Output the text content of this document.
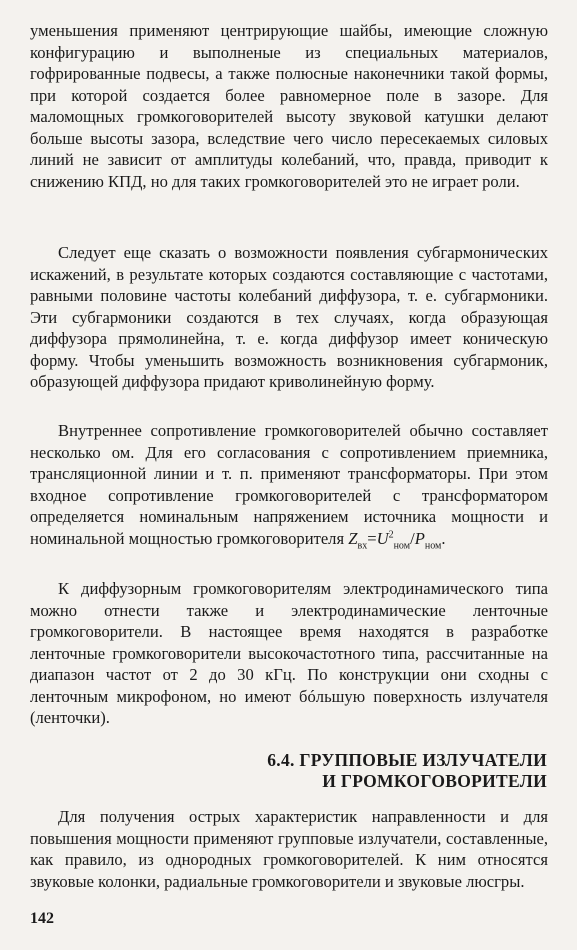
уменьшения применяют центрирующие шайбы, имеющие сложную конфигурацию и выполненые из специальных материалов, гофрированные подвесы, а также полюсные наконечники такой формы, при которой создается более равномерное поле в зазоре. Для маломощных громкоговорителей высоту звуковой катушки делают больше высоты зазора, вследствие чего число пересекаемых силовых линий не зависит от амплитуды колебаний, что, правда, приводит к снижению КПД, но для таких громкоговорителей это не играет роли.

Следует еще сказать о возможности появления субгармонических искажений, в результате которых создаются составляющие с частотами, равными половине частоты колебаний диффузора, т. е. субгармоники. Эти субгармоники создаются в тех случаях, когда образующая диффузора прямолинейна, т. е. когда диффузор имеет коническую форму. Чтобы уменьшить возможность возникновения субгармоник, образующей диффузора придают криволинейную форму.

Внутреннее сопротивление громкоговорителей обычно составляет несколько ом. Для его согласования с сопротивлением приемника, трансляционной линии и т. п. применяют трансформаторы. При этом входное сопротивление громкоговорителей с трансформатором определяется номинальным напряжением источника мощности и номинальной мощностью громкоговорителя $Z_{вх}=U^2_{ном}/P_{ном}$.

К диффузорным громкоговорителям электродинамического типа можно отнести также и электродинамические ленточные громкоговорители. В настоящее время находятся в разработке ленточные громкоговорители высокочастотного типа, рассчитанные на диапазон частот от 2 до 30 кГц. По конструкции они сходны с ленточным микрофоном, но имеют бóльшую поверхность излучателя (ленточки).

6.4. ГРУППОВЫЕ ИЗЛУЧАТЕЛИ
И ГРОМКОГОВОРИТЕЛИ

Для получения острых характеристик направленности и для повышения мощности применяют групповые излучатели, составленные, как правило, из однородных громкоговорителей. К ним относятся звуковые колонки, радиальные громкоговорители и звуковые люсгры.

142
